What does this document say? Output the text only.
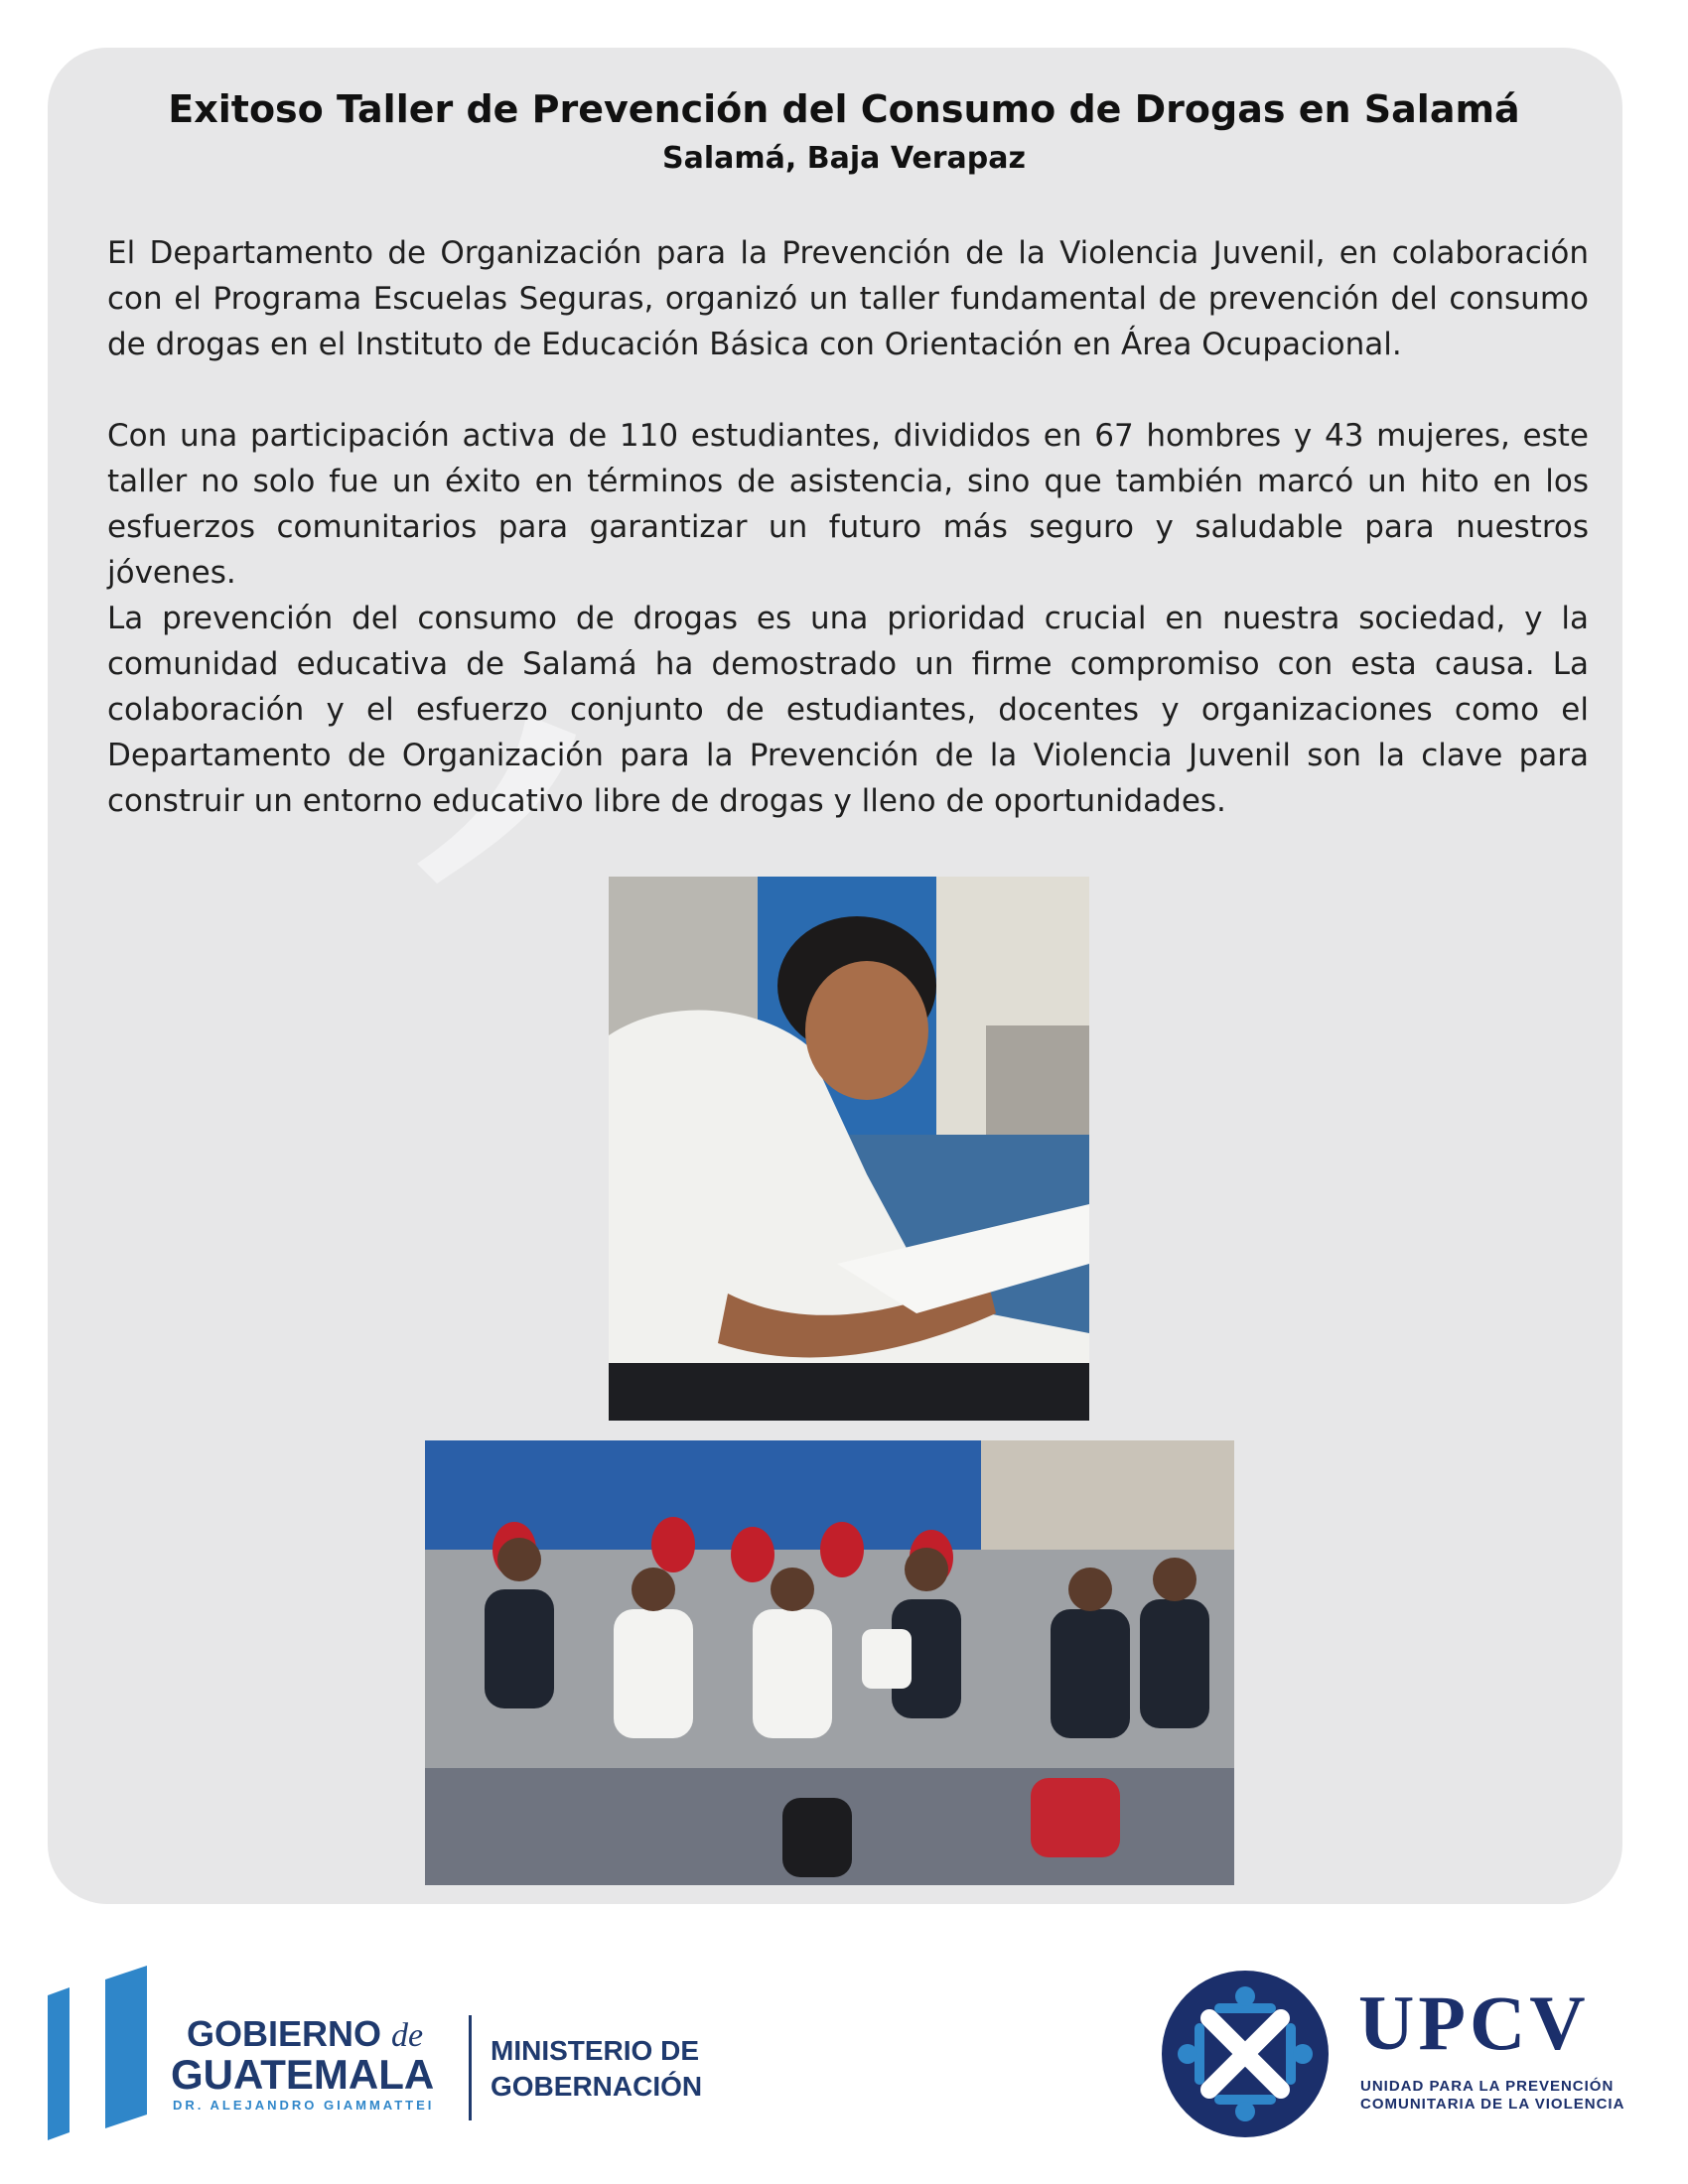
Exitoso Taller de Prevención del Consumo de Drogas en Salamá
Salamá, Baja Verapaz
El Departamento de Organización para la Prevención de la Violencia Juvenil, en colaboración con el Programa Escuelas Seguras, organizó un taller fundamental de prevención del consumo de drogas en el Instituto de Educación Básica con Orientación en Área Ocupacional.
Con una participación activa de 110 estudiantes, divididos en 67 hombres y 43 mujeres, este taller no solo fue un éxito en términos de asistencia, sino que también marcó un hito en los esfuerzos comunitarios para garantizar un futuro más seguro y saludable para nuestros jóvenes.
La prevención del consumo de drogas es una prioridad crucial en nuestra sociedad, y la comunidad educativa de Salamá ha demostrado un firme compromiso con esta causa. La colaboración y el esfuerzo conjunto de estudiantes, docentes y organizaciones como el Departamento de Organización para la Prevención de la Violencia Juvenil son la clave para construir un entorno educativo libre de drogas y lleno de oportunidades.
GOBIERNO de
GUATEMALA
DR. ALEJANDRO GIAMMATTEI
MINISTERIO DE
GOBERNACIÓN
UPCV
UNIDAD PARA LA PREVENCIÓN
COMUNITARIA DE LA VIOLENCIA
